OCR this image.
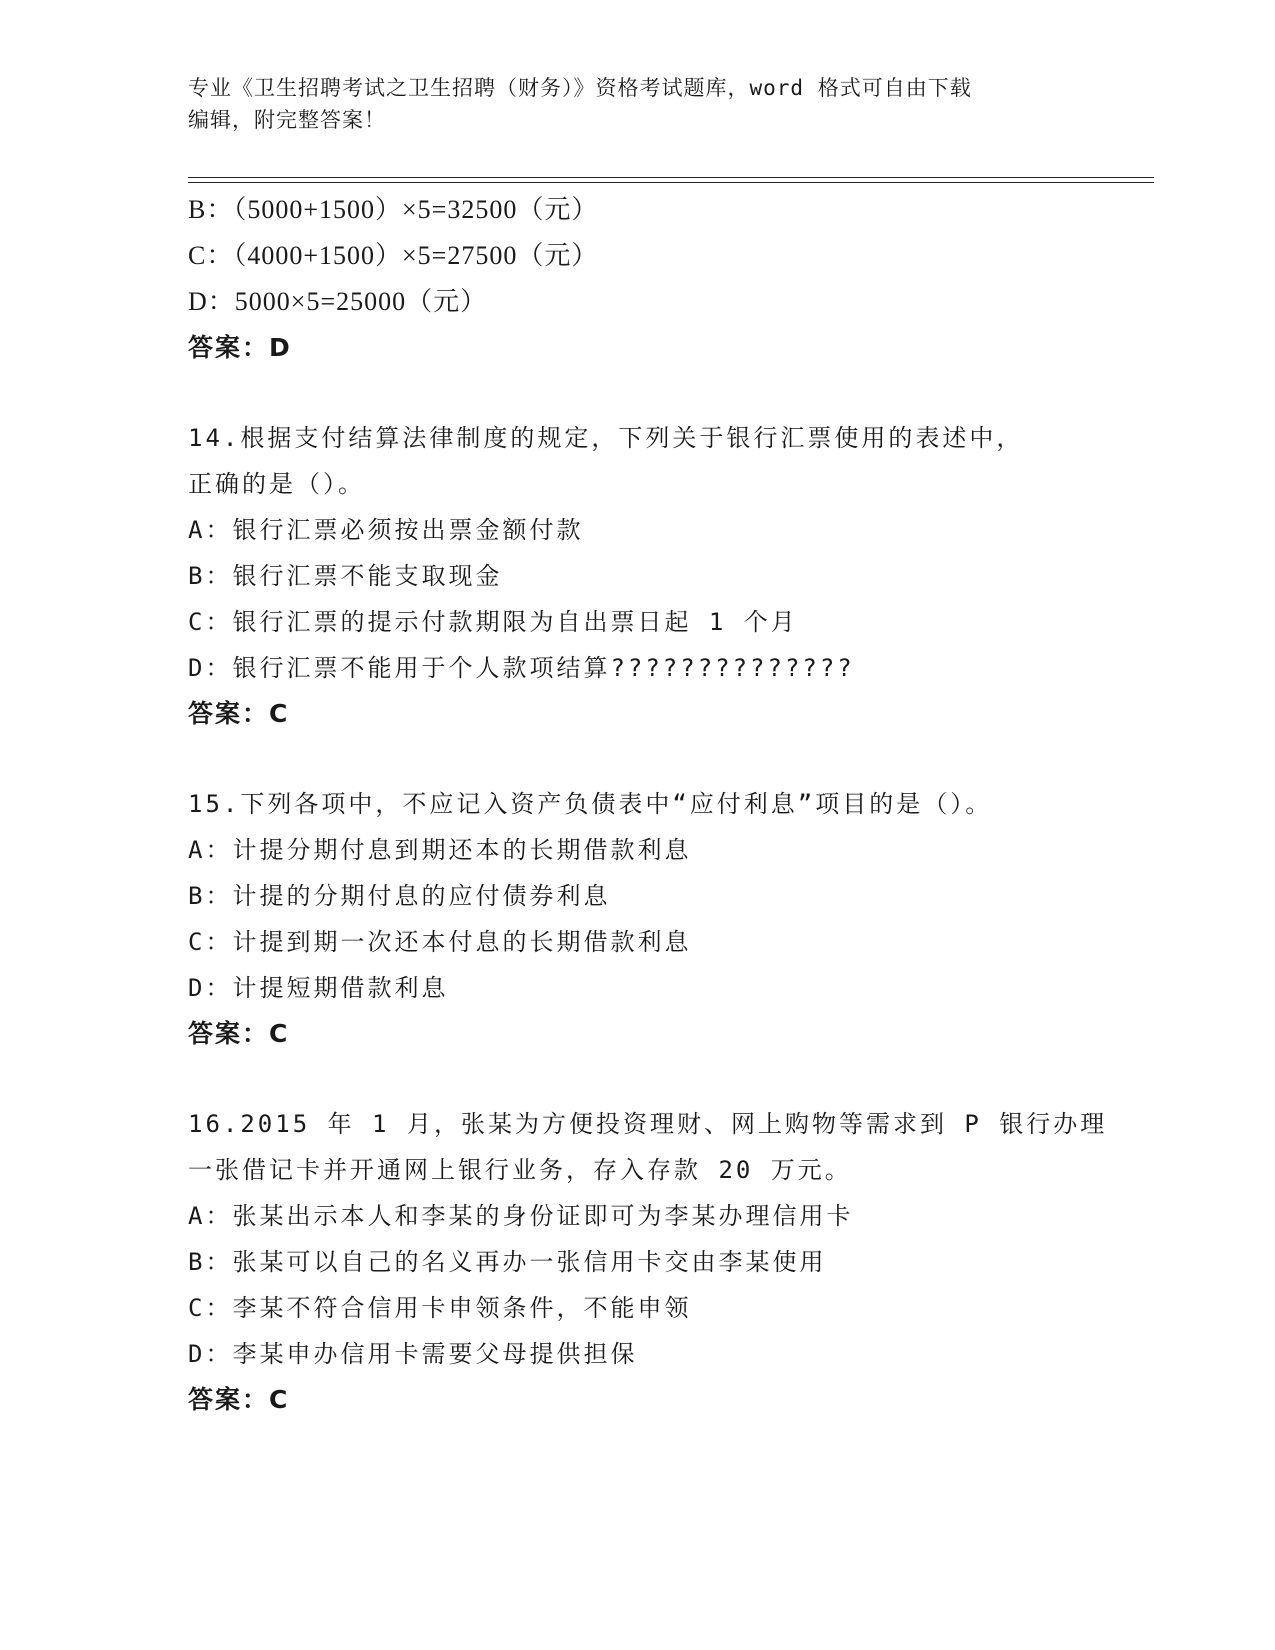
专业《卫生招聘考试之卫生招聘（财务）》资格考试题库，word 格式可自由下载
编辑，附完整答案！
B：（5000+1500）×5=32500（元）
C：（4000+1500）×5=27500（元）
D：5000×5=25000（元）
答案：D
14.根据支付结算法律制度的规定，下列关于银行汇票使用的表述中，
正确的是（）。
A：银行汇票必须按出票金额付款
B：银行汇票不能支取现金
C：银行汇票的提示付款期限为自出票日起 1 个月
D：银行汇票不能用于个人款项结算??????????????
答案：C
15.下列各项中，不应记入资产负债表中“应付利息”项目的是（）。
A：计提分期付息到期还本的长期借款利息
B：计提的分期付息的应付债券利息
C：计提到期一次还本付息的长期借款利息
D：计提短期借款利息
答案：C
16.2015 年 1 月，张某为方便投资理财、网上购物等需求到 P 银行办理
一张借记卡并开通网上银行业务，存入存款 20 万元。
A：张某出示本人和李某的身份证即可为李某办理信用卡
B：张某可以自己的名义再办一张信用卡交由李某使用
C：李某不符合信用卡申领条件，不能申领
D：李某申办信用卡需要父母提供担保
答案：C
